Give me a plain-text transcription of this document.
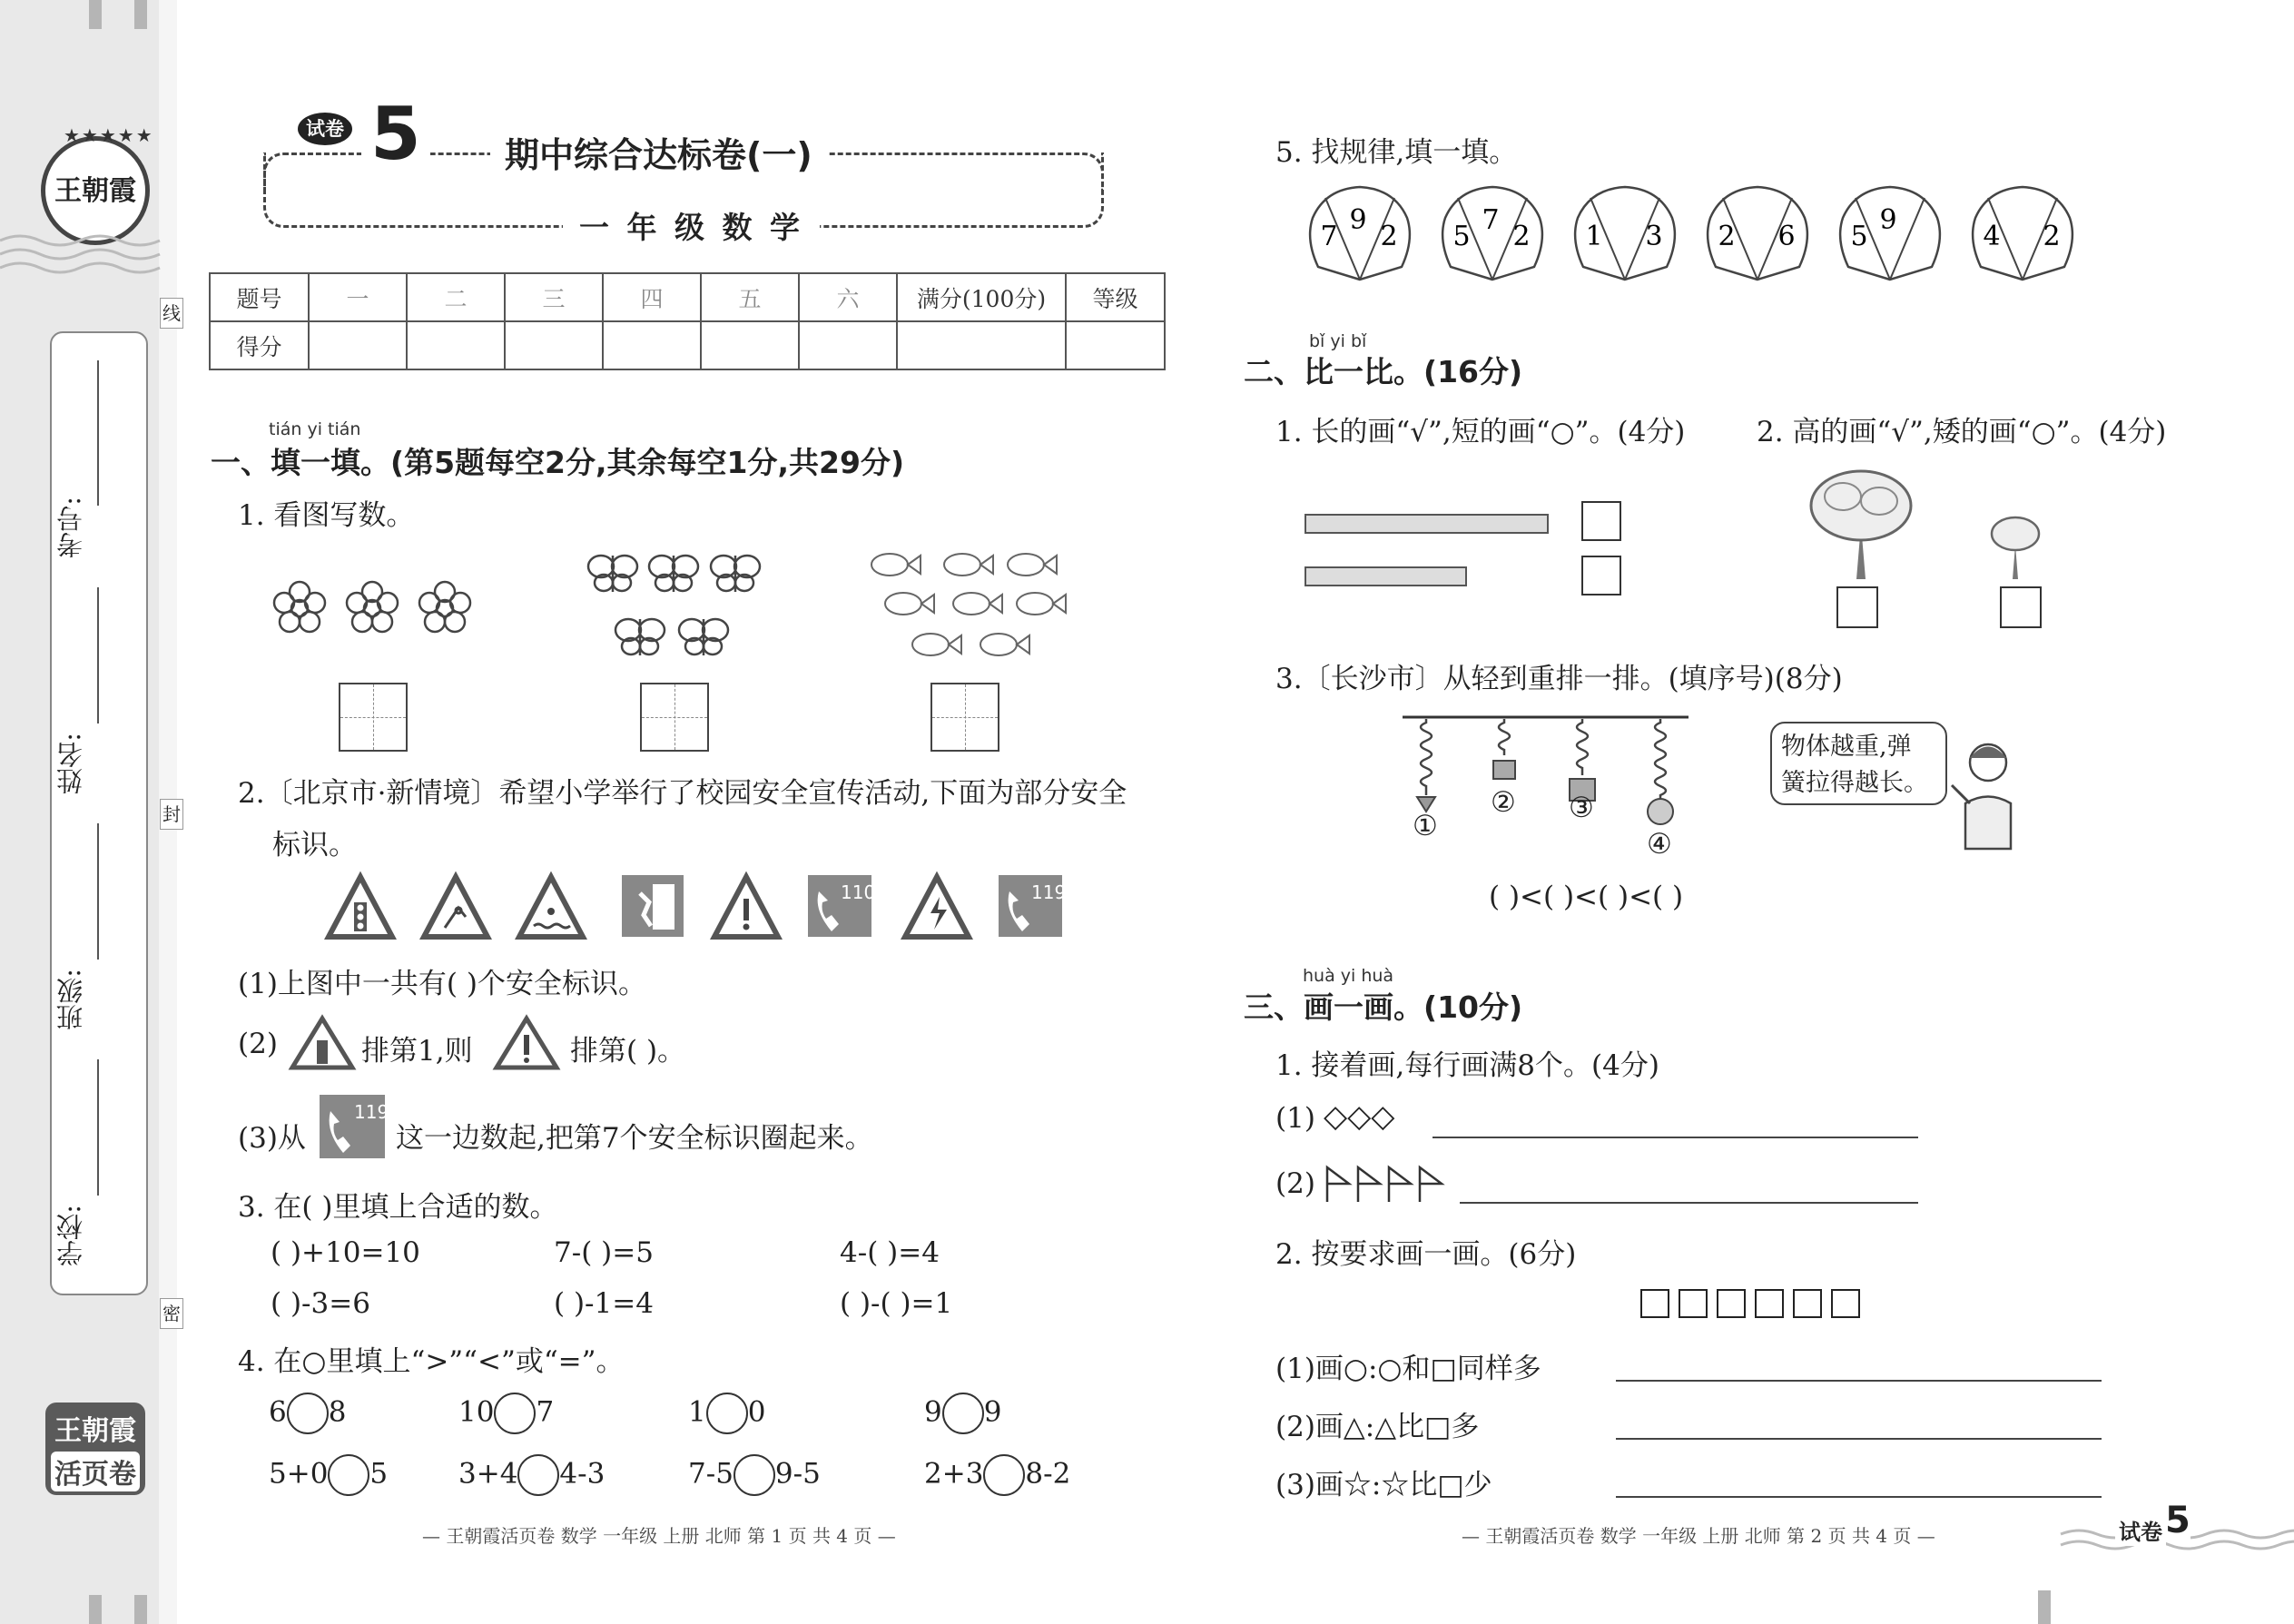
王朝霞
★★★★★
考号:
姓名:
班级:
学校:
线
封
密
王朝霞
活页卷
试卷 5	期中综合达标卷(一)
一 年 级 数 学
题号	一	二	三	四	五	六	满分(100分)	等级
得分								
tián yi tián
一、填一填。(第5题每空2分,其余每空1分,共29分)
1. 看图写数。
2.〔北京市·新情境〕希望小学举行了校园安全宣传活动,下面为部分安全
标识。
110	119
(1)上图中一共有( )个安全标识。
(2)	排第1,则	排第( )。
(3)从
119
这一边数起,把第7个安全标识圈起来。
3. 在( )里填上合适的数。
( )+10=10	7-( )=5	4-( )=4
( )-3=6	( )-1=4	( )-( )=1
4. 在○里填上“>”“<”或“=”。
6 8	10 7	1 0	9 9
5+0 5	3+4 4-3	7-5 9-5	2+3 8-2
— 王朝霞活页卷 数学 一年级 上册 北师 第 1 页 共 4 页 —
5. 找规律,填一填。
7
9
2 5
7
2 1 3 2 6 5
9
4 2
bǐ yi bǐ
二、比一比。(16分)
1. 长的画“√”,短的画“○”。(4分)	2. 高的画“√”,矮的画“○”。(4分)
3.〔长沙市〕从轻到重排一排。(填序号)(8分)
①
② ③
④
物体越重,弹
簧拉得越长。
( )<( )<( )<( )
huà yi huà
三、画一画。(10分)
1. 接着画,每行画满8个。(4分)
(1) ◇◇◇
(2)
2. 按要求画一画。(6分)
(1)画○:○和□同样多
(2)画△:△比□多
(3)画☆:☆比□少
— 王朝霞活页卷 数学 一年级 上册 北师 第 2 页 共 4 页 —	试卷 5
